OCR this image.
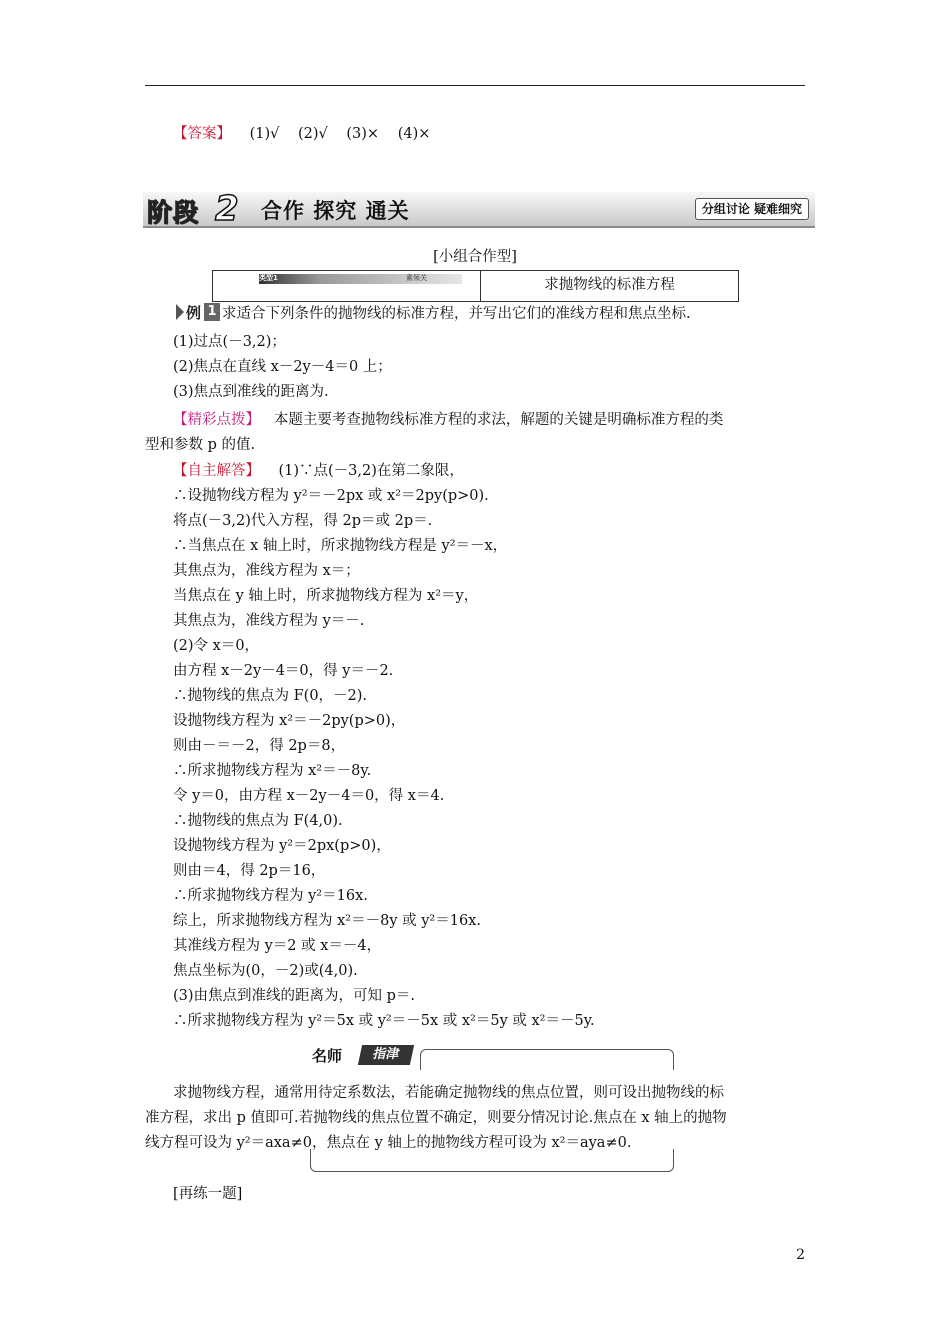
【答案】 (1)√ (2)√ (3)× (4)×
阶段 2 合作 探究 通关	分组讨论 疑难细究
[小组合作型]
类型1	素领关	求抛物线的标准方程
例 1 求适合下列条件的抛物线的标准方程，并写出它们的准线方程和焦点坐标.
(1)过点(－3,2)；
(2)焦点在直线 x－2y－4＝0 上；
(3)焦点到准线的距离为.
【精彩点拨】 本题主要考查抛物线标准方程的求法，解题的关键是明确标准方程的类
型和参数 p 的值.
【自主解答】 (1)∵点(－3,2)在第二象限，
∴设抛物线方程为 y²＝－2px 或 x²＝2py(p>0).
将点(－3,2)代入方程，得 2p＝或 2p＝.
∴当焦点在 x 轴上时，所求抛物线方程是 y²＝－x，
其焦点为，准线方程为 x＝；
当焦点在 y 轴上时，所求抛物线方程为 x²＝y，
其焦点为，准线方程为 y＝－.
(2)令 x＝0，
由方程 x－2y－4＝0，得 y＝－2.
∴抛物线的焦点为 F(0，－2).
设抛物线方程为 x²＝－2py(p>0)，
则由－＝－2，得 2p＝8，
∴所求抛物线方程为 x²＝－8y.
令 y＝0，由方程 x－2y－4＝0，得 x＝4.
∴抛物线的焦点为 F(4,0).
设抛物线方程为 y²＝2px(p>0)，
则由＝4，得 2p＝16，
∴所求抛物线方程为 y²＝16x.
综上，所求抛物线方程为 x²＝－8y 或 y²＝16x.
其准线方程为 y＝2 或 x＝－4，
焦点坐标为(0，－2)或(4,0).
(3)由焦点到准线的距离为，可知 p＝.
∴所求抛物线方程为 y²＝5x 或 y²＝－5x 或 x²＝5y 或 x²＝－5y.
名师	指津
求抛物线方程，通常用待定系数法，若能确定抛物线的焦点位置，则可设出抛物线的标
准方程，求出 p 值即可.若抛物线的焦点位置不确定，则要分情况讨论.焦点在 x 轴上的抛物
线方程可设为 y²＝axa≠0，焦点在 y 轴上的抛物线方程可设为 x²＝aya≠0.
[再练一题]
2
